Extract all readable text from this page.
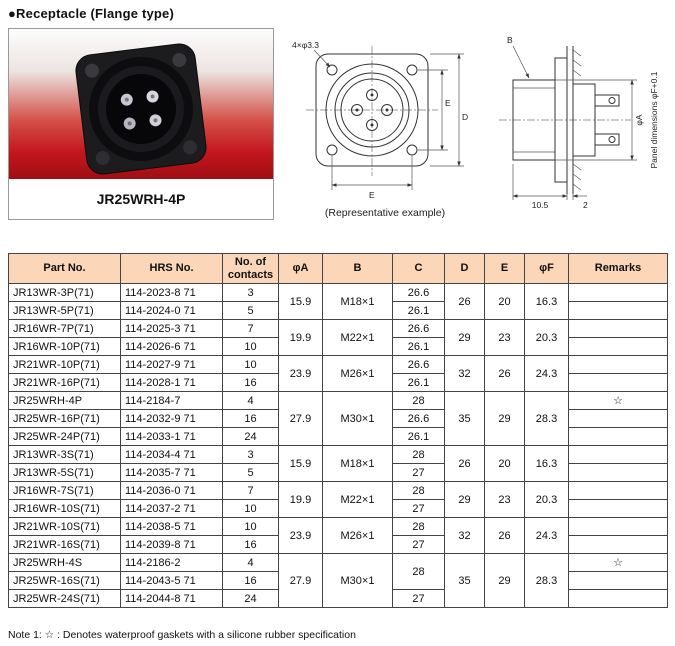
●Receptacle (Flange type)
JR25WRH-4P
4×φ3.3
E
D
E
B
φA Panel dimensions φF+0.1
10.5	2
(Representative example)
Part No.	HRS No.	No. of contacts	φA	B	C	D	E	φF	Remarks
JR13WR-3P(71)	114-2023-8 71	3	15.9	M18×1	26.6	26	20	16.3	
JR13WR-5P(71)	114-2024-0 71	5			26.1				
JR16WR-7P(71)	114-2025-3 71	7	19.9	M22×1	26.6	29	23	20.3	
JR16WR-10P(71)	114-2026-6 71	10			26.1				
JR21WR-10P(71)	114-2027-9 71	10	23.9	M26×1	26.6	32	26	24.3	
JR21WR-16P(71)	114-2028-1 71	16			26.1				
JR25WRH-4P	114-2184-7	4	27.9	M30×1	28	35	29	28.3	☆
JR25WR-16P(71)	114-2032-9 71	16			26.6				
JR25WR-24P(71)	114-2033-1 71	24			26.1				
JR13WR-3S(71)	114-2034-4 71	3	15.9	M18×1	28	26	20	16.3	
JR13WR-5S(71)	114-2035-7 71	5			27				
JR16WR-7S(71)	114-2036-0 71	7	19.9	M22×1	28	29	23	20.3	
JR16WR-10S(71)	114-2037-2 71	10			27				
JR21WR-10S(71)	114-2038-5 71	10	23.9	M26×1	28	32	26	24.3	
JR21WR-16S(71)	114-2039-8 71	16			27				
JR25WRH-4S	114-2186-2	4	27.9	M30×1	28	35	29	28.3	☆
JR25WR-16S(71)	114-2043-5 71	16							
JR25WR-24S(71)	114-2044-8 71	24			27				
Note 1: ☆ : Denotes waterproof gaskets with a silicone rubber specification
